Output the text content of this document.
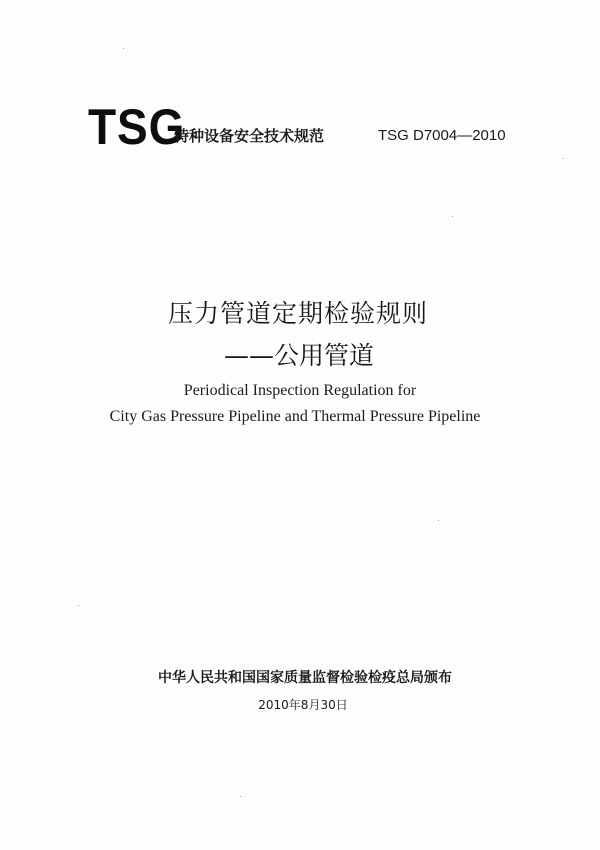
TSG
特种设备安全技术规范	TSG D7004—2010
压力管道定期检验规则
——公用管道
Periodical Inspection Regulation for
City Gas Pressure Pipeline and Thermal Pressure Pipeline
中华人民共和国国家质量监督检验检疫总局颁布
2010年8月30日
